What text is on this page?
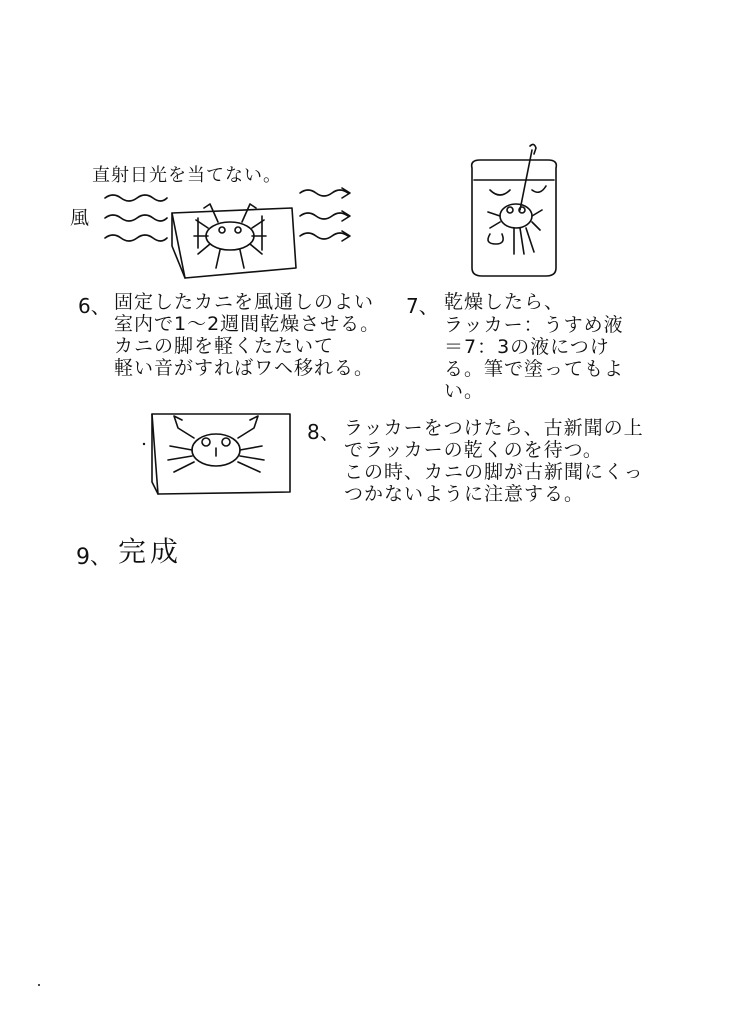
直射日光を当てない。
風
6、 固定したカニを風通しのよい
室内で1〜2週間乾燥させる。
カニの脚を軽くたたいて
軽い音がすればワヘ移れる。
7、 乾燥したら、
ラッカー：うすめ液
＝7：3の液につけ
る。筆で塗ってもよ
い。
8、 ラッカーをつけたら、古新聞の上
でラッカーの乾くのを待つ。
この時、カニの脚が古新聞にくっ
つかないように注意する。
9、 完成
